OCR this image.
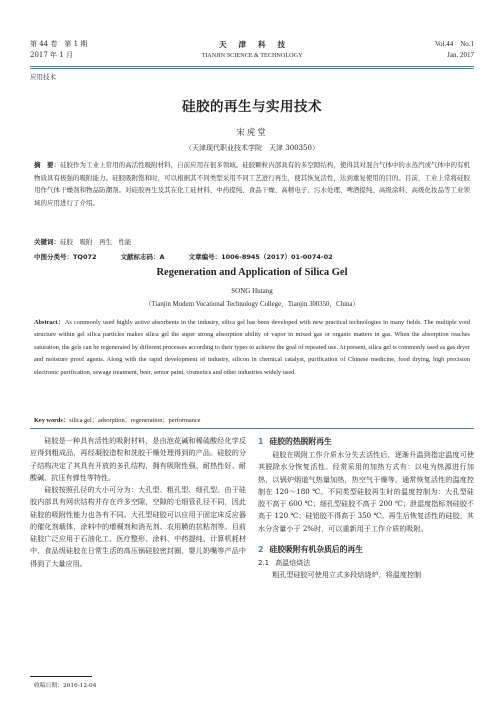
第 44 卷　第 1 期
2017 年 1 月
天津科技
TIANJIN SCIENCE & TECHNOLOGY
Vol.44　No.1
Jan. 2017
应用技术
硅胶的再生与实用技术
宋虎堂
（天津现代职业技术学院　天津 300350）
摘　要：硅胶作为工业上常用的高活性吸附材料，自前应用在很多领域。硅胶颗粒内部具有的多空隙结构，使得其对混合气体中的水蒸汽或气体中的有机物质具有极强的吸附能力。硅胶吸附饱和时，可以根据其不同类型采用不同工艺进行再生，使其恢复活性，达到重复使用的目的。目前，工业上常将硅胶用作气体干燥剂和物品防潮剂。对硅胶再生及其在化工硅材料、中药提纯、食品干燥、高精电子、污水处理、啤酒提纯、高级涂料、高级化妆品等工业领域的应用进行了介绍。
关键词：硅胶　吸附　再生　性能
中图分类号：TQ072	文献标志码：A	文章编号：1006-8945（2017）01-0074-02
Regeneration and Application of Silica Gel
SONG Hutang
（Tianjin Modern Vocational Technology College，Tianjin 300350，China）
Abstract：As commonly used highly active absorbents in the industry, silica gel has been developed with new practical technologies in many fields. The multiple void structure within gel silica particles makes silica gel the super strong absorption ability of vapor in mixed gas or organic matters in gas. When the absorption reaches saturation, the gels can be regenerated by different processes according to their types to achieve the goal of repeated use. At present, silica gel is commonly used as gas dryer and moisture proof agents. Along with the rapid development of industry, silicon in chemical catalyst, purification of Chinese medicine, food drying, high precision electronic purification, sewage treatment, beer, senior paint, cosmetics and other industries widely used.
Key words：silica gel；adsorption；regeneration；performance

硅胶是一种具有活性的吸附材料，是由泡花碱和稀硫酸经化学反应得到粗成品，再经凝胶造粒和洗胶干燥处理得到的产品。硅胶的分子结构决定了其具有开放的多孔结构，拥有吸附性强、耐热性好、耐酸碱、抗压有弹性等特性。

硅胶按照孔径的大小可分为：大孔型、粗孔型、细孔型。由于硅胶内部具有网状结构并存在许多空隙，空隙的毛细管孔径不同，因此硅胶的吸附性能力也各有不同。大孔型硅胶可以应用于固定床反应器的催化剂载体，涂料中的增稠剂和消光剂、农用膜的抗粘剂等。目前硅胶广泛应用于石油化工、医疗整形、涂料、中药提纯、计算机耗材中、食品级硅胶在日常生活的高压锅硅胶密封圈、婴儿奶嘴等产品中得到了大量应用。

1 硅胶的热脱附再生

硅胶在吸附工作介质水分失去活性后，逐渐升温到指定温度可使其脱除水分恢复活性。经常采用的加热方式有：以电为热源进行加热，以锅炉烟道气热量加热，热空气干燥等。通常恢复活性的温度控制在 120～180 ℃。不同类型硅胶再生时的温度控制为：大孔型硅胶不高于 600 ℃；细孔型硅胶不高于 200 ℃；泄湿度指标剂硅胶不高于 120 ℃；硅铝胶不得高于 350 ℃。再生后恢复活性的硅胶，其水分含量小于 2%时，可以重新用于工作介质的吸附。

2 硅胶吸附有机杂质后的再生
2.1 高温焙烧法

粗孔型硅胶可使用立式多段焙烧炉，将温度控制

收稿日期：2016-12-04
